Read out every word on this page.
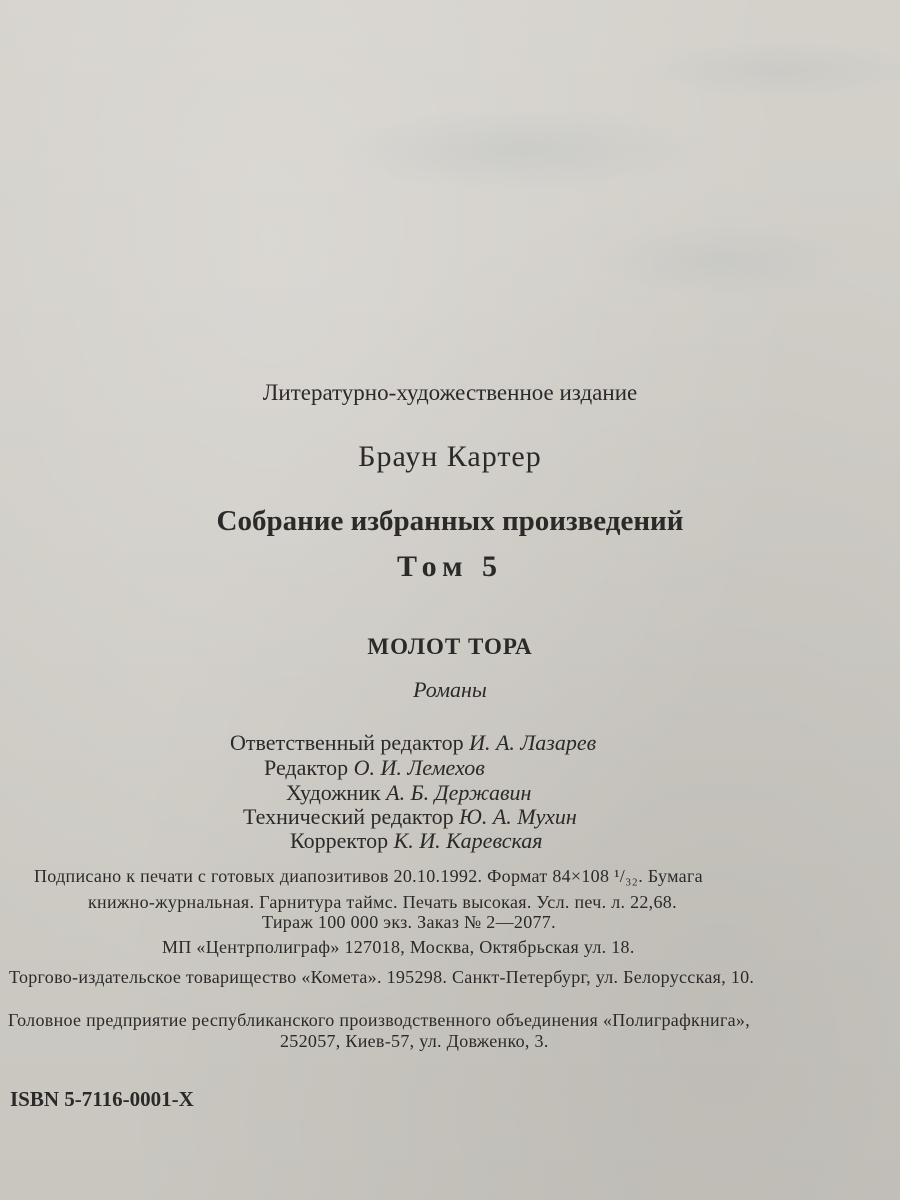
Литературно-художественное издание
Браун Картер
Собрание избранных произведений
Том 5
МОЛОТ ТОРА
Романы
Ответственный редактор И. А. Лазарев
Редактор О. И. Лемехов
Художник А. Б. Державин
Технический редактор Ю. А. Мухин
Корректор К. И. Каревская
Подписано к печати с готовых диапозитивов 20.10.1992. Формат 84×108 ¹/₃₂. Бумага
книжно-журнальная. Гарнитура таймс. Печать высокая. Усл. печ. л. 22,68.
Тираж 100 000 экз. Заказ № 2—2077.
МП «Центрполиграф» 127018, Москва, Октябрьская ул. 18.
Торгово-издательское товарищество «Комета». 195298. Санкт-Петербург, ул. Белорусская, 10.
Головное предприятие республиканского производственного объединения «Полиграфкнига»,
252057, Киев-57, ул. Довженко, 3.
ISBN 5-7116-0001-X
